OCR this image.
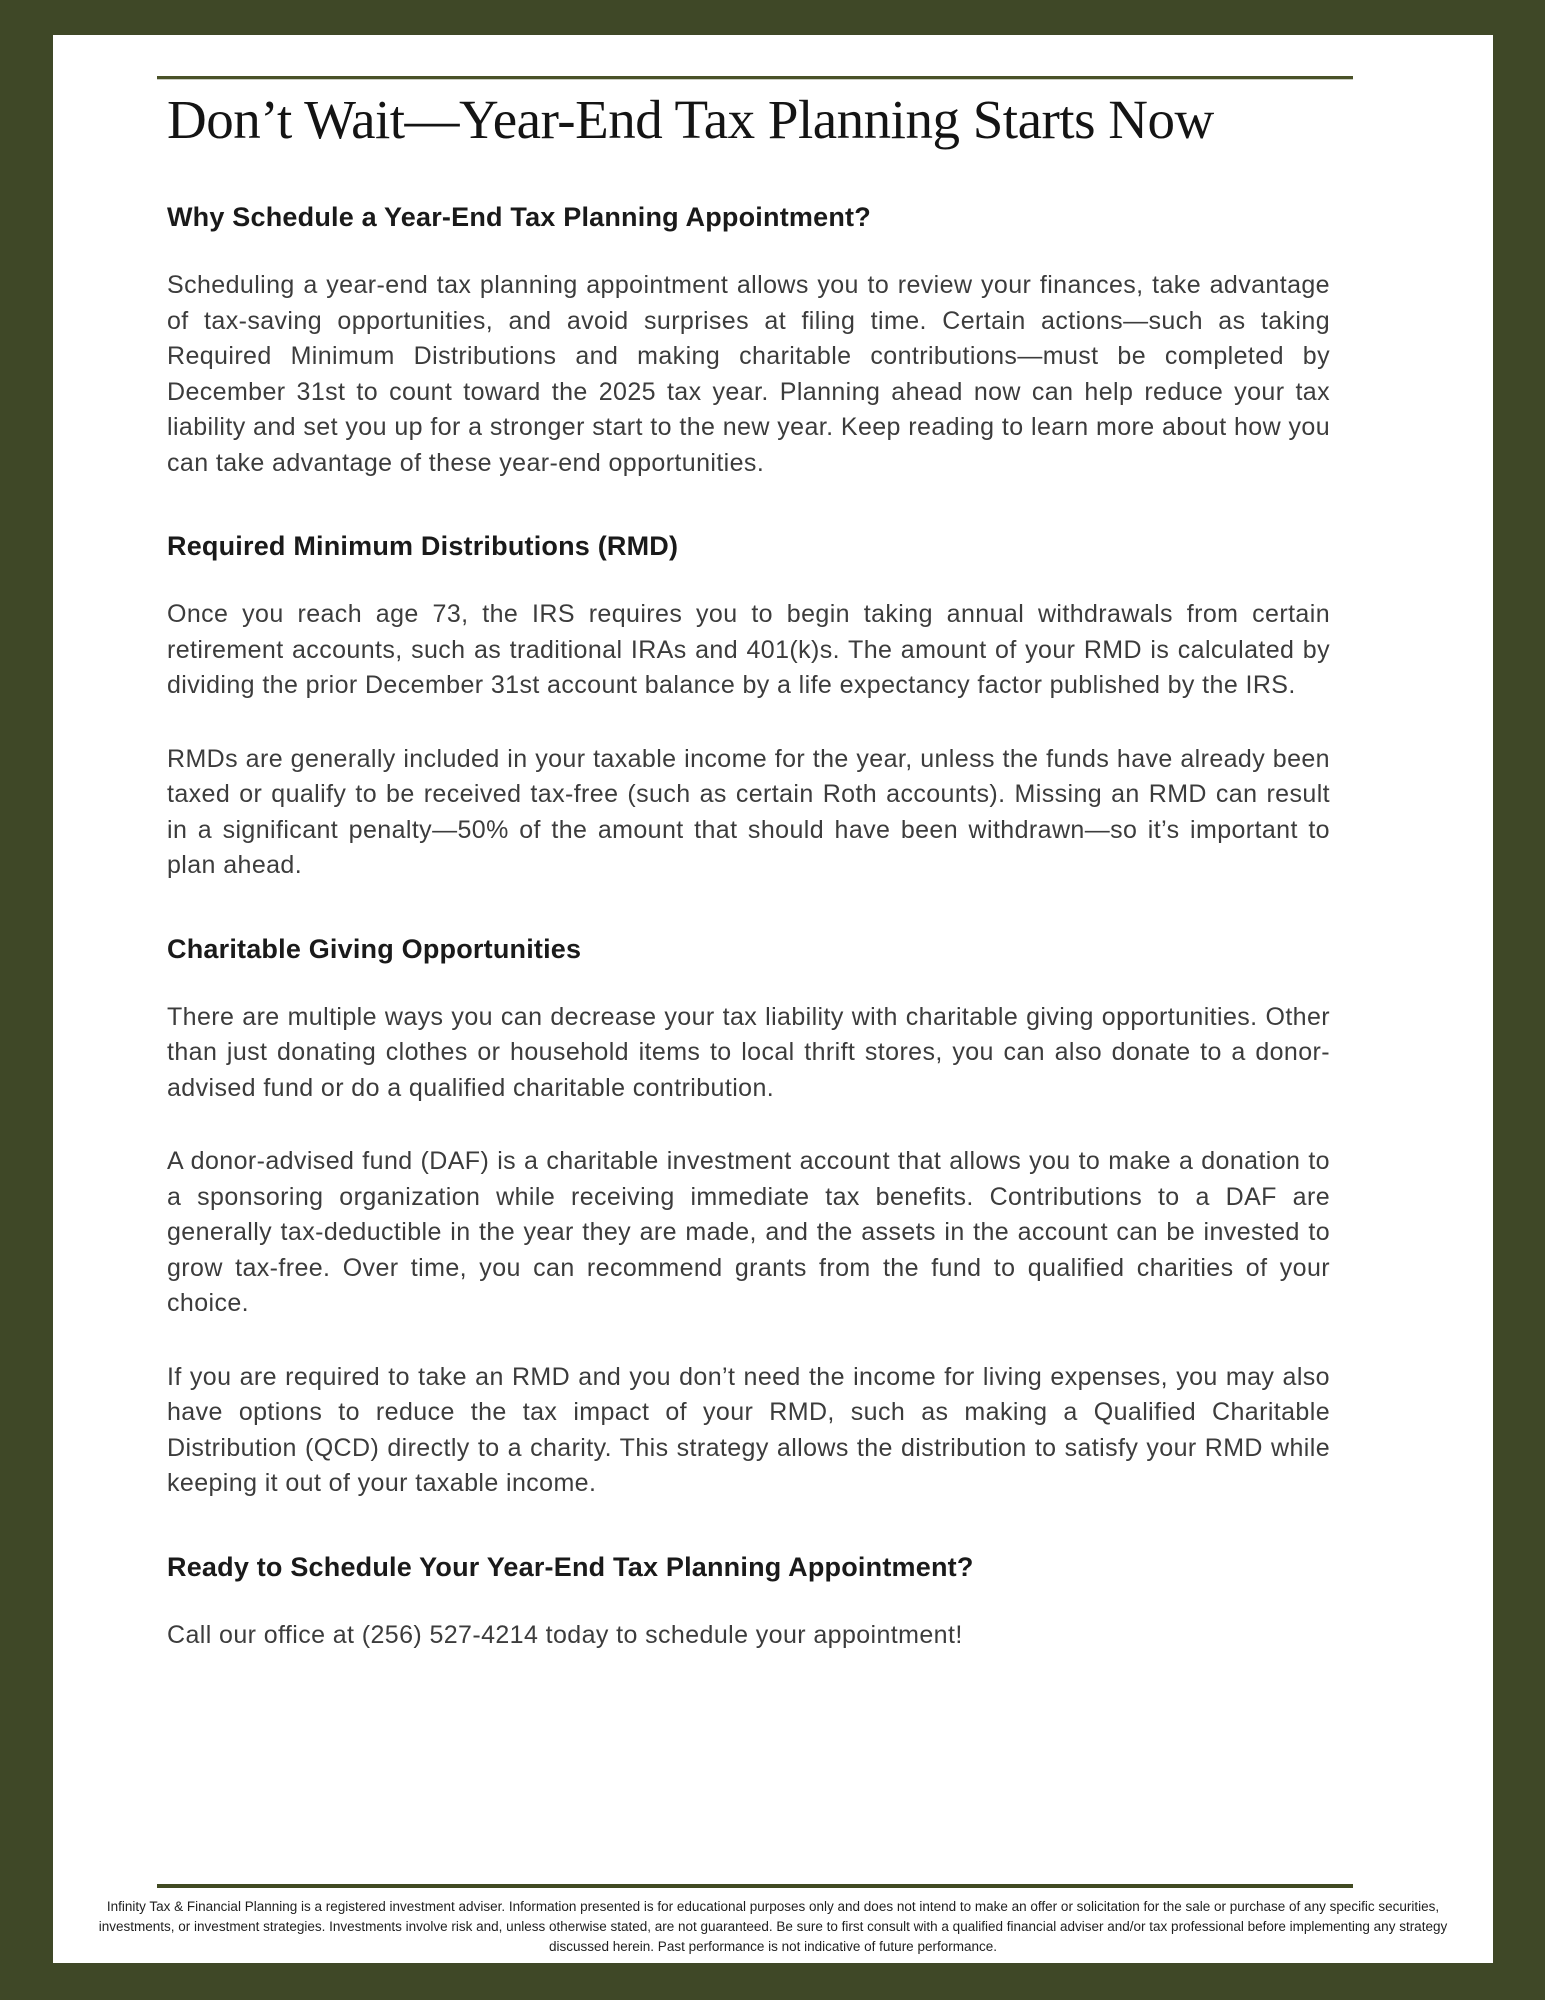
Don’t Wait—Year-End Tax Planning Starts Now
Why Schedule a Year-End Tax Planning Appointment?

Scheduling a year-end tax planning appointment allows you to review your finances, take advantage of tax-saving opportunities, and avoid surprises at filing time. Certain actions—such as taking Required Minimum Distributions and making charitable contributions—must be completed by December 31st to count toward the 2025 tax year. Planning ahead now can help reduce your tax liability and set you up for a stronger start to the new year. Keep reading to learn more about how you can take advantage of these year-end opportunities.

Required Minimum Distributions (RMD)

Once you reach age 73, the IRS requires you to begin taking annual withdrawals from certain retirement accounts, such as traditional IRAs and 401(k)s. The amount of your RMD is calculated by dividing the prior December 31st account balance by a life expectancy factor published by the IRS.

RMDs are generally included in your taxable income for the year, unless the funds have already been taxed or qualify to be received tax-free (such as certain Roth accounts). Missing an RMD can result in a significant penalty—50% of the amount that should have been withdrawn—so it’s important to plan ahead.

Charitable Giving Opportunities

There are multiple ways you can decrease your tax liability with charitable giving opportunities. Other than just donating clothes or household items to local thrift stores, you can also donate to a donor-advised fund or do a qualified charitable contribution.

A donor-advised fund (DAF) is a charitable investment account that allows you to make a donation to a sponsoring organization while receiving immediate tax benefits. Contributions to a DAF are generally tax-deductible in the year they are made, and the assets in the account can be invested to grow tax-free. Over time, you can recommend grants from the fund to qualified charities of your choice.

If you are required to take an RMD and you don’t need the income for living expenses, you may also have options to reduce the tax impact of your RMD, such as making a Qualified Charitable Distribution (QCD) directly to a charity. This strategy allows the distribution to satisfy your RMD while keeping it out of your taxable income.

Ready to Schedule Your Year-End Tax Planning Appointment?

Call our office at (256) 527-4214 today to schedule your appointment!

Infinity Tax & Financial Planning is a registered investment adviser. Information presented is for educational purposes only and does not intend to make an offer or solicitation for the sale or purchase of any specific securities, investments, or investment strategies. Investments involve risk and, unless otherwise stated, are not guaranteed. Be sure to first consult with a qualified financial adviser and/or tax professional before implementing any strategy discussed herein. Past performance is not indicative of future performance.
